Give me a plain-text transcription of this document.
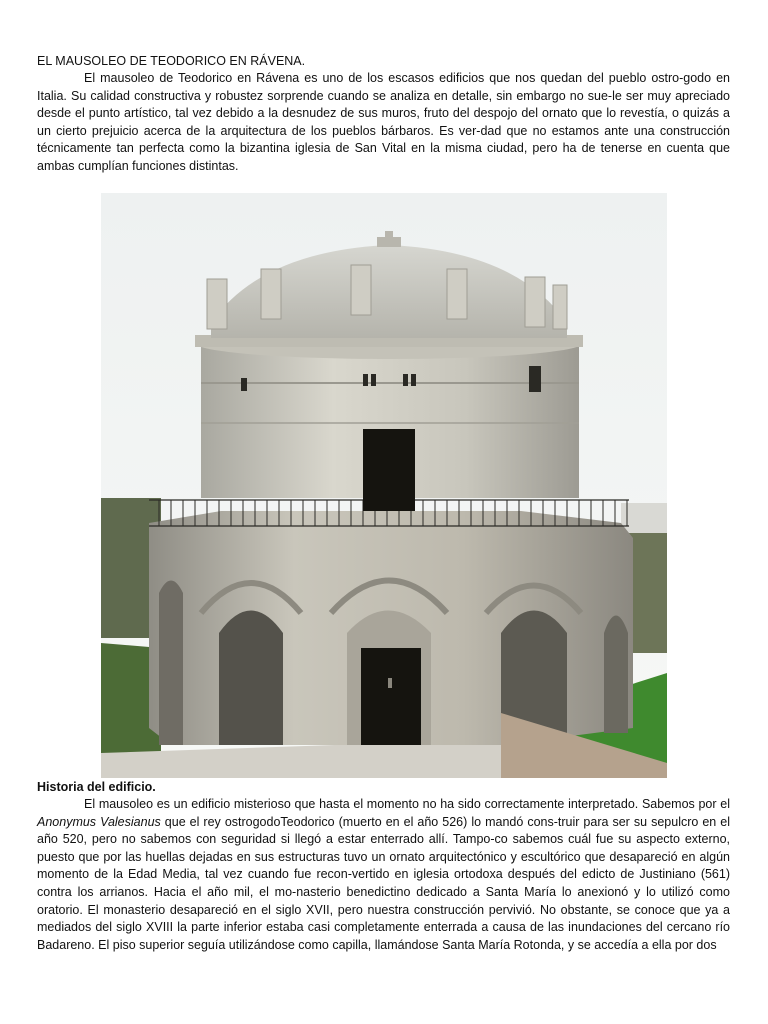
EL MAUSOLEO DE TEODORICO EN RÁVENA.

El mausoleo de Teodorico en Rávena es uno de los escasos edificios que nos quedan del pueblo ostro-godo en Italia. Su calidad constructiva y robustez sorprende cuando se analiza en detalle, sin embargo no sue-le ser muy apreciado desde el punto artístico, tal vez debido a la desnudez de sus muros, fruto del despojo del ornato que lo revestía, o quizás a un cierto prejuicio acerca de la arquitectura de los pueblos bárbaros. Es ver-dad que no estamos ante una construcción técnicamente tan perfecta como la bizantina iglesia de San Vital en la misma ciudad, pero ha de tenerse en cuenta que ambas cumplían funciones distintas.

Historia del edificio.

El mausoleo es un edificio misterioso que hasta el momento no ha sido correctamente interpretado. Sabemos por el Anonymus Valesianus que el rey ostrogodoTeodorico (muerto en el año 526) lo mandó cons-truir para ser su sepulcro en el año 520, pero no sabemos con seguridad si llegó a estar enterrado allí. Tampo-co sabemos cuál fue su aspecto externo, puesto que por las huellas dejadas en sus estructuras tuvo un ornato arquitectónico y escultórico que desapareció en algún momento de la Edad Media, tal vez cuando fue recon-vertido en iglesia ortodoxa después del edicto de Justiniano (561) contra los arrianos. Hacia el año mil, el mo-nasterio benedictino dedicado a Santa María lo anexionó y lo utilizó como oratorio. El monasterio desapareció en el siglo XVII, pero nuestra construcción pervivió. No obstante, se conoce que ya a mediados del siglo XVIII la parte inferior estaba casi completamente enterrada a causa de las inundaciones del cercano río Badareno. El piso superior seguía utilizándose como capilla, llamándose Santa María Rotonda, y se accedía a ella por dos
